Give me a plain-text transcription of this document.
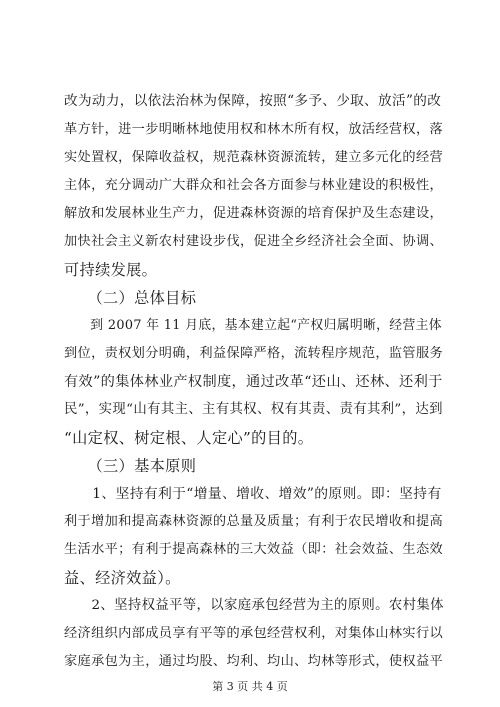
改为动力，以依法治林为保障，按照“多予、少取、放活”的改
革方针，进一步明晰林地使用权和林木所有权，放活经营权，落
实处置权，保障收益权，规范森林资源流转，建立多元化的经营
主体，充分调动广大群众和社会各方面参与林业建设的积极性，
解放和发展林业生产力，促进森林资源的培育保护及生态建设，
加快社会主义新农村建设步伐，促进全乡经济社会全面、协调、
可持续发展。
　　（二）总体目标
　　到 2007 年 11 月底，基本建立起“产权归属明晰，经营主体
到位，责权划分明确，利益保障严格，流转程序规范，监管服务
有效”的集体林业产权制度，通过改革“还山、还林、还利于
民”，实现“山有其主、主有其权、权有其责、责有其利”，达到
“山定权、树定根、人定心”的目的。
　　（三）基本原则
　　1、坚持有利于“增量、增收、增效”的原则。即：坚持有
利于增加和提高森林资源的总量及质量；有利于农民增收和提高
生活水平；有利于提高森林的三大效益（即：社会效益、生态效
益、经济效益）。
　　2、坚持权益平等，以家庭承包经营为主的原则。农村集体
经济组织内部成员享有平等的承包经营权利，对集体山林实行以
家庭承包为主，通过均股、均利、均山、均林等形式，使权益平
第 3 页 共 4 页
